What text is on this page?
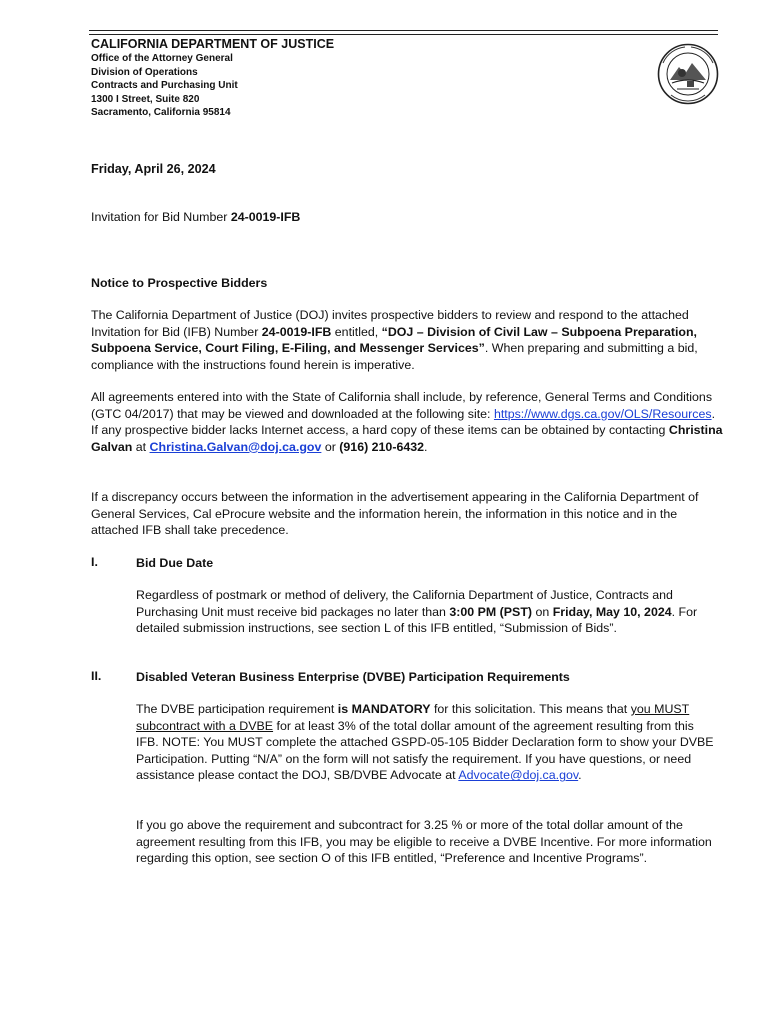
CALIFORNIA DEPARTMENT OF JUSTICE
Office of the Attorney General
Division of Operations
Contracts and Purchasing Unit
1300 I Street, Suite 820
Sacramento, California 95814
Friday, April 26, 2024
Invitation for Bid Number 24-0019-IFB
Notice to Prospective Bidders
The California Department of Justice (DOJ) invites prospective bidders to review and respond to the attached Invitation for Bid (IFB) Number 24-0019-IFB entitled, “DOJ – Division of Civil Law – Subpoena Preparation, Subpoena Service, Court Filing, E-Filing, and Messenger Services”. When preparing and submitting a bid, compliance with the instructions found herein is imperative.
All agreements entered into with the State of California shall include, by reference, General Terms and Conditions (GTC 04/2017) that may be viewed and downloaded at the following site: https://www.dgs.ca.gov/OLS/Resources. If any prospective bidder lacks Internet access, a hard copy of these items can be obtained by contacting Christina Galvan at Christina.Galvan@doj.ca.gov or (916) 210-6432.
If a discrepancy occurs between the information in the advertisement appearing in the California Department of General Services, Cal eProcure website and the information herein, the information in this notice and in the attached IFB shall take precedence.
I.	Bid Due Date
Regardless of postmark or method of delivery, the California Department of Justice, Contracts and Purchasing Unit must receive bid packages no later than 3:00 PM (PST) on Friday, May 10, 2024. For detailed submission instructions, see section L of this IFB entitled, “Submission of Bids”.
II.	Disabled Veteran Business Enterprise (DVBE) Participation Requirements
The DVBE participation requirement is MANDATORY for this solicitation. This means that you MUST subcontract with a DVBE for at least 3% of the total dollar amount of the agreement resulting from this IFB. NOTE: You MUST complete the attached GSPD-05-105 Bidder Declaration form to show your DVBE Participation. Putting “N/A” on the form will not satisfy the requirement. If you have questions, or need assistance please contact the DOJ, SB/DVBE Advocate at Advocate@doj.ca.gov.
If you go above the requirement and subcontract for 3.25 % or more of the total dollar amount of the agreement resulting from this IFB, you may be eligible to receive a DVBE Incentive. For more information regarding this option, see section O of this IFB entitled, “Preference and Incentive Programs”.
